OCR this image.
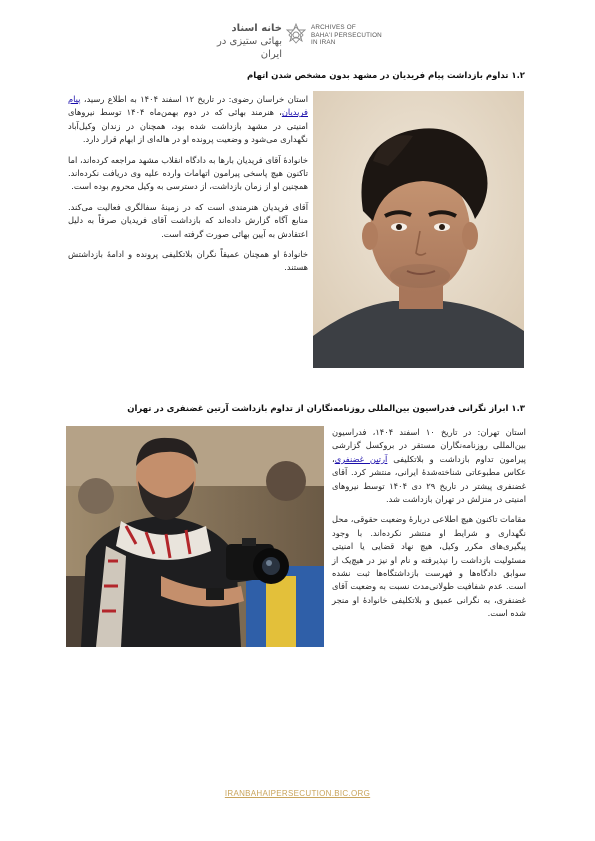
خانه اسناد
بهائی ستیزی در ایران
ARCHIVES OF
BAHA'I PERSECUTION
IN IRAN
۱.۲ تداوم بازداشت پیام فریدیان در مشهد بدون مشخص شدن اتهام

استان خراسان رضوی: در تاریخ ۱۲ اسفند ۱۴۰۴ به اطلاع رسید، پیام فریدیان، هنرمند بهائی که در دوم بهمن‌ماه ۱۴۰۴ توسط نیروهای امنیتی در مشهد بازداشت شده بود، همچنان در زندان وکیل‌آباد نگهداری می‌شود و وضعیت پرونده او در هاله‌ای از ابهام قرار دارد.

خانوادهٔ آقای فریدیان بارها به دادگاه انقلاب مشهد مراجعه کرده‌اند، اما تاکنون هیچ پاسخی پیرامون اتهامات وارده علیه وی دریافت نکرده‌اند. همچنین او از زمان بازداشت، از دسترسی به وکیل محروم بوده است.

آقای فریدیان هنرمندی است که در زمینهٔ سفالگری فعالیت می‌کند. منابع آگاه گزارش داده‌اند که بازداشت آقای فریدیان صرفاً به دلیل اعتقادش به آیین بهائی صورت گرفته است.

خانوادهٔ او همچنان عمیقاً نگران بلاتکلیفی پرونده و ادامهٔ بازداشتش هستند.

۱.۳ ابراز نگرانی فدراسیون بین‌المللی روزنامه‌نگاران از تداوم بازداشت آرتین غضنفری در تهران

استان تهران: در تاریخ ۱۰ اسفند ۱۴۰۴، فدراسیون بین‌المللی روزنامه‌نگاران مستقر در بروکسل گزارشی پیرامون تداوم بازداشت و بلاتکلیفی آرتین غضنفری، عکاس مطبوعاتی شناخته‌شدهٔ ایرانی، منتشر کرد. آقای غضنفری پیشتر در تاریخ ۲۹ دی ۱۴۰۴ توسط نیروهای امنیتی در منزلش در تهران بازداشت شد.

مقامات تاکنون هیچ اطلاعی دربارهٔ وضعیت حقوقی، محل نگهداری و شرایط او منتشر نکرده‌اند. با وجود پیگیری‌های مکرر وکیل، هیچ نهاد قضایی یا امنیتی مسئولیت بازداشت را نپذیرفته و نام او نیز در هیچ‌یک از سوابق دادگاه‌ها و فهرست بازداشتگاه‌ها ثبت نشده است. عدم شفافیت طولانی‌مدت نسبت به وضعیت آقای غضنفری، به نگرانی عمیق و بلاتکلیفی خانوادهٔ او منجر شده است.

IRANBAHAIPERSECUTION.BIC.ORG
